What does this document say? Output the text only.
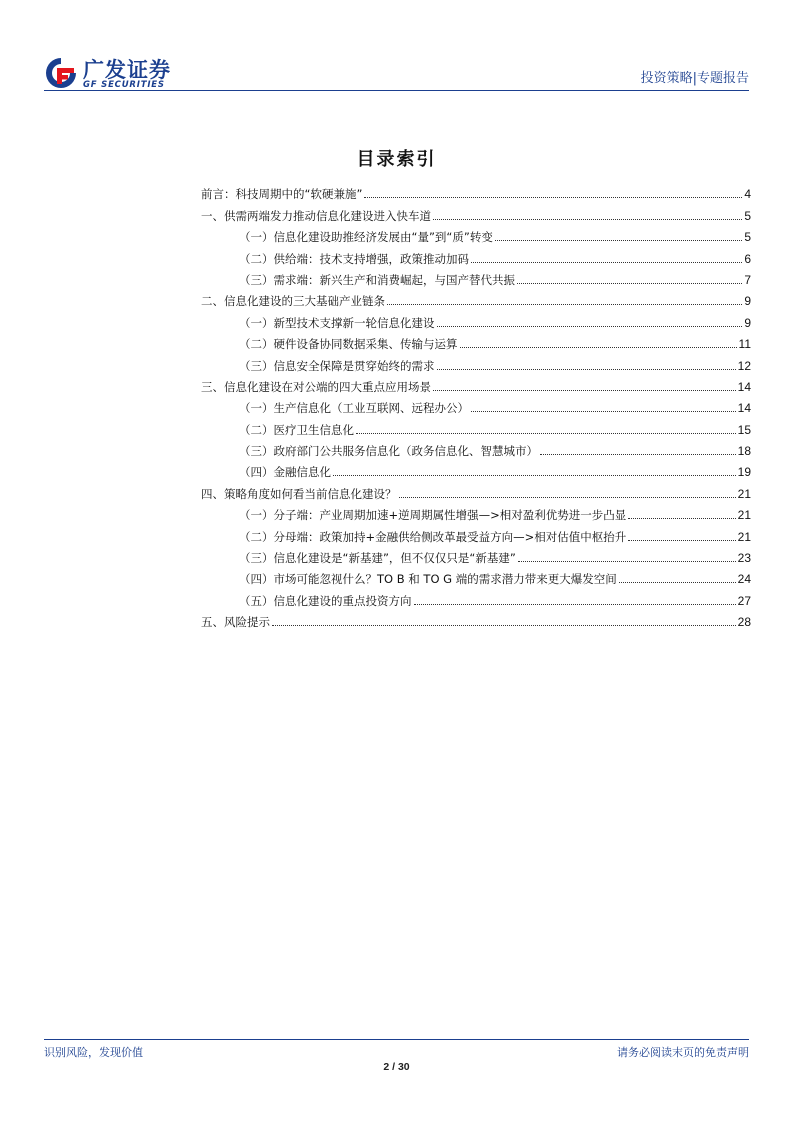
广发证券
GF SECURITIES	投资策略|专题报告
目录索引
前言：科技周期中的“软硬兼施”	4
一、供需两端发力推动信息化建设进入快车道	5
（一）信息化建设助推经济发展由“量”到“质”转变	5
（二）供给端：技术支持增强，政策推动加码	6
（三）需求端：新兴生产和消费崛起，与国产替代共振	7
二、信息化建设的三大基础产业链条	9
（一）新型技术支撑新一轮信息化建设	9
（二）硬件设备协同数据采集、传输与运算	11
（三）信息安全保障是贯穿始终的需求	12
三、信息化建设在对公端的四大重点应用场景	14
（一）生产信息化（工业互联网、远程办公）	14
（二）医疗卫生信息化	15
（三）政府部门公共服务信息化（政务信息化、智慧城市）	18
（四）金融信息化	19
四、策略角度如何看当前信息化建设？	21
（一）分子端：产业周期加速+逆周期属性增强—>相对盈利优势进一步凸显	21
（二）分母端：政策加持+金融供给侧改革最受益方向—>相对估值中枢抬升	21
（三）信息化建设是“新基建”，但不仅仅只是“新基建”	23
（四）市场可能忽视什么？TO B 和 TO G 端的需求潜力带来更大爆发空间	24
（五）信息化建设的重点投资方向	27
五、风险提示	28
识别风险，发现价值	请务必阅读末页的免责声明
2 / 30
